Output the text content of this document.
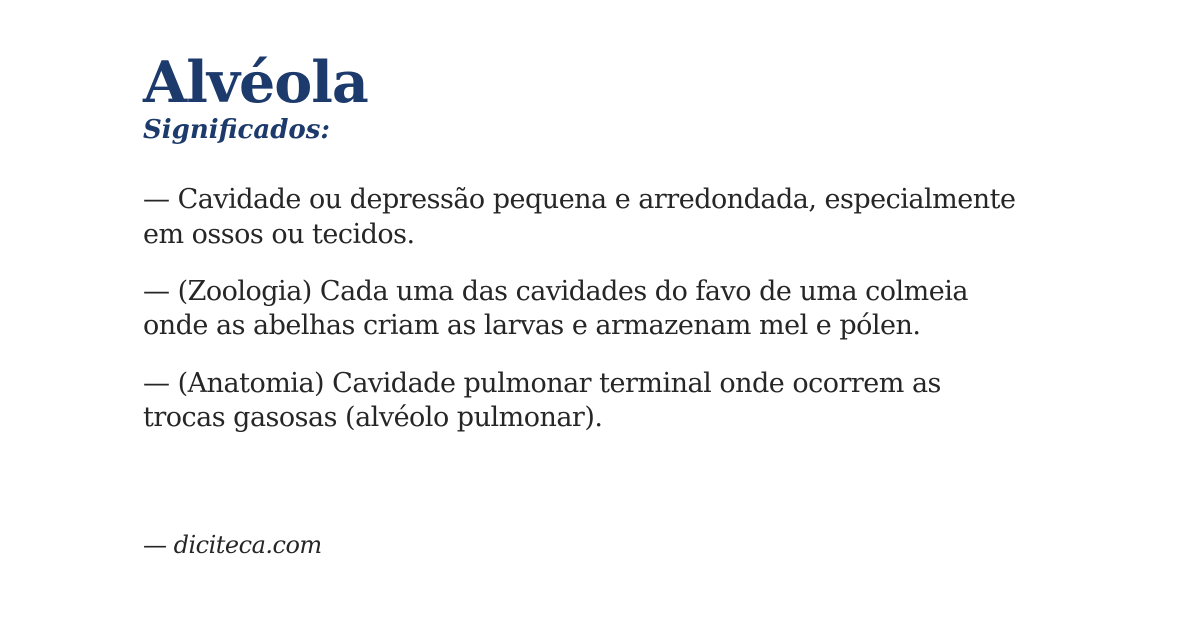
Alvéola
Significados:

— Cavidade ou depressão pequena e arredondada, especialmente em ossos ou tecidos.

— (Zoologia) Cada uma das cavidades do favo de uma colmeia onde as abelhas criam as larvas e armazenam mel e pólen.

— (Anatomia) Cavidade pulmonar terminal onde ocorrem as trocas gasosas (alvéolo pulmonar).

— diciteca.com
